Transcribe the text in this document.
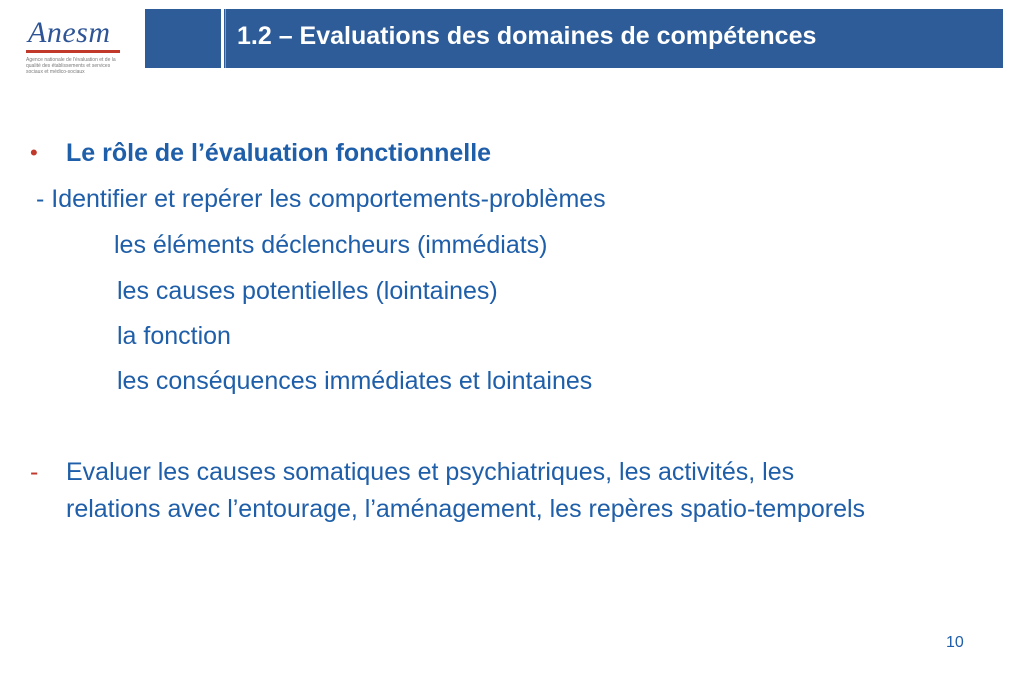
Anesm
Agence nationale de l'évaluation et de la qualité des établissements et services sociaux et médico-sociaux
1.2 – Evaluations des domaines de compétences
• Le rôle de l’évaluation fonctionnelle
- Identifier et repérer les comportements-problèmes
les éléments déclencheurs (immédiats)
les causes potentielles (lointaines)
la fonction
les conséquences immédiates et lointaines
- Evaluer les causes somatiques et psychiatriques, les activités, les
relations avec l’entourage, l’aménagement, les repères spatio-temporels
10
